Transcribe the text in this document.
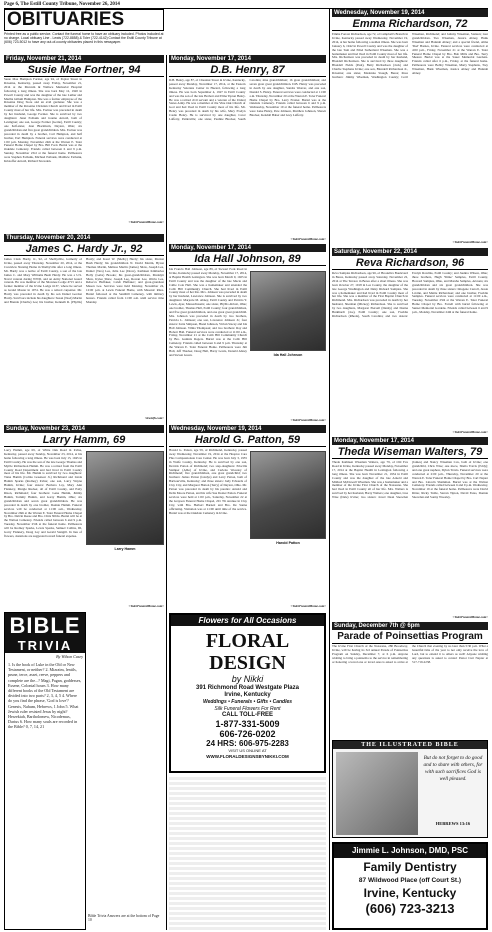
Page 6, The Estill County Tribune, November 26, 2014
OBITUARIES
Printed free as a public service. Contact the funeral home to have an obituary included. Photos included at no charge. Local obituary Line - Lewis (722-8858) & Toler (722-4142) Contact the Estill County Tribune at (606) 723-5012 to have any out-of-county obituaries placed in this newspaper.
Friday, November 21, 2014
Susie Mae Fortner, 94
Susie Mae Hampton Fortner, age 94, of Poplar Street in Ravenna, Kentucky, passed away Friday, November 21, 2014 at the Marcum & Wallace Memorial Hospital following a long illness. She was born May 12, 1920 in Powell County and was the daughter of the late Luther and Martha Gillum Hampton. She was a former employee of the Ravenna Drug Store and an avid gardener. She was a member of the Ravenna Christian Church and lived in Estill County most of her life. Mrs. Fortner was preceded in death by her husband, George Fortner. She is survived by two daughters: Janet Estbank and Joanna Arnold, both of Lexington; one son, George Fortner (Gertie), Estill County; one half-sister, Jean Blackburn, Dayton, Ohio; six grandchildren and five great grandchildren. Mrs. Fortner was preceded in death by a brother, Carl Hampton, and half brother, Earl Hampton. Funeral services were conducted at 1:00 p.m. Monday, November 24th at the Warren E. Toler Funeral Home Chapel by Bro. Bill Ford. Burial was at the Oakdale Cemetery. Friends called between 6 and 9 p.m. Sunday, November 23rd at the funeral home. Pallbearers were Stephen Estbank, Michael Estbank, Matthew Estbank, Kristoffer Arnold, Richard Snowden.
<TolerFuneralHome.com>
Thursday, November 20, 2014
James C. Hardy Jr., 92
James Clark Hardy, Jr., 92, of Shelbyville, formerly of Irvine, passed away Thursday, November 20, 2014, at the Crestview Nursing Home in Shelbyville after a long illness. Mr. Hardy was a native of Estill County, a son of the late James C. and Mary Williams Bush Hardy. He was a U.S. Naval veteran during WWII, and an Army National Guard veteran. He was member of the Shawnee Lodge #715 and a former member of the Irvine Lodge #137, where he served as Grand Master in 1974. He was a retired carpenter. Mr. Hardy was preceded in death by his son Daniel Gordon Hardy. Survivors include his daughters: Susan (Noel) Martin and Brenda (Charlie) Lee; his brother, Kenneth R. (Phyllis) Hardy; and Karel W. (Shelby) Hardy; his sister, Marion Bush Hardy; his grandchildren N. David Martin, Byron Thomas Martin, Melissa Martin (James) Shaw, Joseph Lee, Daniel (Tara) Lee, Julia Lee (Drew), Kathleen Kimberlee Holly (Gabe) Brooks; his great-grandchildren, Madalyn Shaw, Kylee Shaw, Joseph Lee, Rowan Lee, Olivia Lee, Rebecca Huffaker, Caleb Huffaker; and great-grandson Mason Lee. Services were held Monday, November 24, 12:00 p.m. at Lewis Funeral Home, with Masonic Rites. Burial followed at the Sandhill Cemetery, with military honors. Friends called from 11:00 a.m. until service time Monday.
<lewisfh.com>
Sunday, November 23, 2014
Larry Hamm, 69
Larry Hamm, age 69, of White Oak Road in Irvine, Kentucky, passed away Sunday, November 23, 2014, at his home following a long illness. He was born July 15, 1945 in Estill County. He was the son of the late George Thomas and Myrtle Richardson Hamm. He was a retired from the Estill County Road Department and had lived in Estill County most of his life. Mr. Hamm is survived by two daughters: Tiana Hamm (Colina Greeneer Jr.) Richmond and Linda Hamm Sparks (Rodney) Irvine; one son, Larry Wayne Hamm, Irvine; four sisters: Barbara Lay, Mary Ann Flannery, Margie Rucker, all of Estill County, and Patty Rison, Richmond; four brothers: Gene Hamm, Jimmy Hamm, Tommy Hamm, and Garry Hamm, Ohio; six grandchildren and seven great grandchildren. He was preceded in death by one brother, Donnie Hamm. Funeral services will be conducted at 11:00 a.m., Wednesday, November 26th at the Warren E. Toler Funeral Home Chapel by Bro. Delvin Reese and Bro. Chris Nibbs. Burial will be at the Walton Cemetery. Friends called between 6 and 9 p.m. Tuesday, November 25th at the funeral home. Pallbearers will be Rodney Sparks, Lewis Sparks, Samuel Collins, III, Garry Flannery, Doug Lay and Gerald Stangill. In lieu of flowers, donations are suggested toward funeral expense.
Larry Hamm
<TolerFuneralHome.com>
BIBLE
TRIVIA
By Wilson Casey
1. Is the book of Luke in the Old or New Testament, or neither? 2. Mizraim, lentils, prune, terce, asset, reeve, peppers and complete are the...? Magi, Pagan, goddesses, Essene, Colonial hours 3. How many different books of the Old Testament are divided into two parts? 2, 3, 4, 5 4. Where do you find the phrase, 'God is love'? Genesis, Nahum, Hebrews, 1 John 5. What Jewish ruler resisted Jesus by night? Herzekiah, Bartholomew, Nicodemus, Darius 6. How many souls are recorded in the Bible? 0, 7, 14, 21
Bible Trivia Answers are at the bottom of Page 10
Monday, November 17, 2014
D.B. Henry, 87
D.B. Henry, age 87, of Chestnut Street in Irvine, Kentucky, passed away Monday, November 17, 2014, at the Eastern Kentucky Veterans Center in Hazard, following a long illness. He was born September 4, 1927 in Estill County and was the son of the late Herbert and Elma Tipton Henry. He was a retired civil servant and a veteran of the United States Army. He was a member of the Vine Oak Church of God and had lived in Estill County most of his life. Mr. Henry was preceded in death by his wife, Mary Evelyn Castle Henry. He is survived by one daughter, Carol Lafferty, Paintsville; one sister, Pauline Blocker, South Carolina; nine grandchildren; 16 great grandchildren; and seven great great grandchildren. D.B. Henry was preceded in death by one daughter, Sandra Weaver, and one son, Donald S. Henry. Funeral services were conducted at 11:00 a.m. Thursday, November 20 at the Warren E. Toler Funeral Home Chapel by Bro. Larry Frazier. Burial was at the Oakdale Cemetery. Friends called between 6 and 9 p.m. Wednesday, November 19 at the funeral home. Pallbearers were Luke Henry, Pete Johnson, Matthew Johnson, Shawn Blocker, Kendall Baber and Grey Lafferty.
<TolerFuneralHome.com>
Monday, November 17, 2014
Ida Hall Johnson, 89
Ida Francis Hall Johnson, age 89, of Stewart Fork Road in Irvine, Kentucky passed away Monday, November 17, 2014, at Baptist Health Lexington. She was born March 9, 1925 in Estill County and was the daughter of the late Macie and Callie Cole Hall. She was a homemaker and attended the Cobb Hill Community Church. She had lived in Estill County most of her life. Mrs. Johnson was preceded in death by her husband, Lawrence Johnson. She is survived by two daughters: Marjorie M. Abney, Estill County and Patricia Y. Lewis, Ayer, Massachusetts; one sister, Phyllis Abbott, Ohio; one brother, Thomas Hall, Estill County; four grandchildren, and five great grandchildren, and one great great grandchild. Mrs. Johnson was preceded in death by two brothers, Patricia L. Johnson; one son, Lawrence Johnson Jr.; four sisters: Zetta Simpson, Hazel Johnson, Vivian Stacey and Ida Hall Johnson. Vilma Thompson; and two brothers: Ray and Hobert Hall. Funeral services were conducted at 11:00 a.m., Friday, November 21 at the Cobb Hill Community Church by Bro. Guinnis Rogers. Burial was at the Cobb Hill Cemetery. Friends called between 6 and 9 p.m. Thursday at the Warren E. Toler Funeral Home. Pallbearers were Jim Hall, Jeff Thacker, Doug Hall, Harry Lewis, Donald Abney and Steven Green.	Ida Hall Johnson
<TolerFuneralHome.com>
Wednesday, November 19, 2014
Harold G. Patton, 59
Harold G. Patton, age 59, of Richmond, Kentucky, passed away Wednesday, November 19, 2014 at the Hospice Care Plus Compassionate Care Center. He was born July 3, 1955 in Wolfe County, Kentucky. He is survived by one son, Derrick Patton of Richmond; two step-daughters: Priscilla Stamper (Allie) of Irvine, and Carlena Woosley of Richmond; five grandchildren, one great grandchild; two brothers: James Patton (Gladys) and Larry Patton, both of Barbourville, Kentucky; and three sisters: Judy Edwards of Clay City, and Margaret Hatton (Terry) of Dayton, Ohio. Mr. Patton was preceded in death by his parents: Arnold and Della Moore Patton, and his wife Sue Dozier Patton. Funeral services were held at 1:00 p.m., Saturday, November 22 at the Grayson Funeral Home Chapel, 201 7th Avenue in Clay City, with Bro. Herbert Barnett and Bro. De Sanna officiating. Visitation was at 11:00 until time of the service. Burial was at the Oakdale Cemetery in Irvine.
Harold Patton
<TolerFuneralHome.com>
Flowers for All Occasions
FLORAL DESIGN
by Nikki
391 Richmond Road Westgate Plaza
Irvine, Kentucky
Weddings • Funerals • Gifts • Candles
Silk Funeral Flowers For Rent
CALL TOLL-FREE
1-877-331-5009
606-726-0202
24 HRS: 606-975-2283
VISIT US ONLINE AT
WWW.FLORALDESIGNSBYNIKKI.COM
Wednesday, November 19, 2014
Emma Richardson, 72
Emma Forrest Richardson, age 72, of Campbell's Branch in Irvine, Kentucky passed away Wednesday, November 19, 2014, at her home following a sudden illness. She was born January 6, 1942 in Powell County and was the daughter of the late Tom and Ethel Sutherland Wiseman. She was a homemaker and had lived in Estill County most of her life. Mrs. Richardson was preceded in death by her husband, Blondell Richardson. She is survived by three daughters: Blondell Fields (Paul), Betty Richardson (Jack) and Charlie Stephens Irvine; one son, Blondell Richardson Jr., Ravenna; one sister, Madonna Stough, Berea; three brothers: Jimmy Wiseman, Washington County; Cecil Wiseman, Richmond; and Johnny Wiseman, Stanton; four grandchildren. Two Wiseman, Jessica Abney, Hank Wiseman and Hannah Abney; and a special friend, Alma 'Dod' Barnes, Irvine. Funeral services were conducted at 4:00 p.m., Friday, November 21 at the Warren E. Toler Funeral Home Chapel by Bro. Bob Mills and Bro. Terry Shearer. Burial was at the Sauer Memorial Gardens. Friends called after 6 p.m., Friday, at the funeral home. Pallbearers were Bobby Wiseman, Marty Stephens, Trey Wiseman, Hank Wiseman, Jessica Abney and Hannah Abney.
<TolerFuneralHome.com>
Saturday, November 22, 2014
Reva Richardson, 96
Reva Samples Richardson, age 96, of Brookliva Boulevard in Berea, Kentucky passed away Saturday, November 22, 2014 at The Terrace in Berea after a short illness. She was born October 27, 1918 in Lee County, the daughter of the late George Washington and Daisy Rickard Samples. She was a homemaker and had lived in Estill County most of her life. She was a member of the First Baptist Church in Richmond. Mrs. Richardson was preceded in death by her husband, Sherman (Mickey) Richardson. She is survived by two daughters, Margaret Piersall (Danny) and Donna Burkhardt (Joe), Estill County; one son, Freddie Richardson (Rhoda), South Carolina; and two sisters: Evelyn Rawlins, Estill County; and Juanita Wilson, Ohio; three brothers, Hugh 'Shine' Samples, Estill County, Howard Samples, Ohio, and Marsha Samples, Arizona; six grandchildren and six great grandchildren. She was preceded in death by three sisters: Imogene Carroll, Jessie Lavinn, and Mattie Richardson; and one brother, Freddie Samples. Funeral services were conducted at 11:00 a.m., Tuesday, November 25th at the Warren E. Toler Funeral Home Chapel by Bro. Farrell with burial following at Sunset Memorial Gardens. Friends called between 6 and 9 p.m., Monday, November 24th at the funeral home.
<TolerFuneralHome.com>
Monday, November 17, 2014
Theda Wiseman Walters, 79
Theda Kathleen Wiseman Walters, age 79, of Old Fox Road in Irvine, Kentucky passed away Monday, November 17, 2014 at the Baptist Health in Lexington following a long illness. She was born November 21, 1934 in Estill County and was the daughter of the late Arnold and Mildred McDowell Wiseman. She was a homemaker and a member of the Irvine First Church of the Nazarene. She had lived in Estill County all of her life. Mrs. Walters is survived by her husband, Harry Walters; one daughter, Lisa Wise (Dale) Irvine; two sisters: Jewel Dean Snowden (James) and Nancy Wiseman Cox, both of Irvine; one grandchild, Chris Wise; one niece, Sheila Travis (Eddy); and one great nephew, Dylan Travis. Funeral services were conducted at 2:00 p.m., Thursday, November 20 at the Warren E. Toler Funeral Home Chapel by Bro. Carl Napier and Bro. Lincoln Shammon. Burial was at the Walton Cemetery. Friends called between 6 and 9 p.m. Wednesday, November 19 at the funeral home. Pallbearers were David Ritter, Ricky Tuttle, Steven Tipton, David Estes, Donnie Snowden and Sonny Woosley.
<TolerFuneralHome.com>
Sunday, December 7th @ 6pm
Parade of Poinsettias Program
The Irvine First Church of the Nazarene, 280 Broadway, Irvine, will be having its 3rd annual Parade of Poinsettias Program on Sunday, December 7, at 6 p.m. Anyone wishing to bring a poinsettia to the service in remembering or honoring a loved one or loved ones is asked to arrive at the Church that evening by no later than 5:30 p.m. What a beautiful time of the year to not only receive the love of Lord, but to extend it to others as well! Anyone wishing any questions is asked to contact Pastor Curt Napier at 517-719-2238.
THE ILLUSTRATED BIBLE
But do not forget to do good and to share with others, for with such sacrifices God is well pleased.
HEBREWS 13:16
Jimmie L. Johnson, DMD, PSC
Family Dentistry
87 Wildwood Place (off Court St.)
Irvine, Kentucky
(606) 723-3213
